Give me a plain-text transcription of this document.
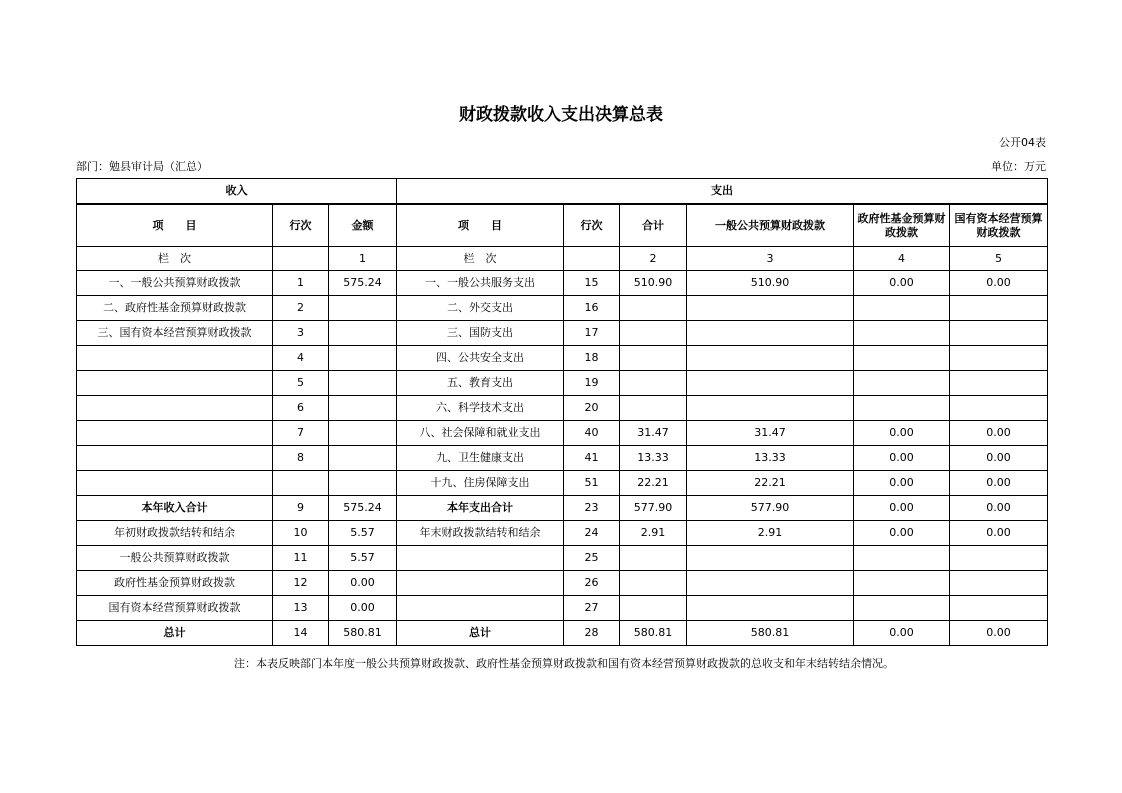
财政拨款收入支出决算总表
公开04表
部门：勉县审计局（汇总）	单位：万元
收入			支出					
项　　目	行次	金额	项　　目	行次	合计	一般公共预算财政拨款	政府性基金预算财政拨款	国有资本经营预算财政拨款
栏　次		1	栏　次		2	3	4	5
一、一般公共预算财政拨款	1	575.24	一、一般公共服务支出	15	510.90	510.90	0.00	0.00
二、政府性基金预算财政拨款	2		二、外交支出	16				
三、国有资本经营预算财政拨款	3		三、国防支出	17				
	4		四、公共安全支出	18				
	5		五、教育支出	19				
	6		六、科学技术支出	20				
	7		八、社会保障和就业支出	40	31.47	31.47	0.00	0.00
	8		九、卫生健康支出	41	13.33	13.33	0.00	0.00
			十九、住房保障支出	51	22.21	22.21	0.00	0.00
本年收入合计	9	575.24	本年支出合计	23	577.90	577.90	0.00	0.00
年初财政拨款结转和结余	10	5.57	年末财政拨款结转和结余	24	2.91	2.91	0.00	0.00
一般公共预算财政拨款	11	5.57		25				
政府性基金预算财政拨款	12	0.00		26				
国有资本经营预算财政拨款	13	0.00		27				
总计	14	580.81	总计	28	580.81	580.81	0.00	0.00
注：本表反映部门本年度一般公共预算财政拨款、政府性基金预算财政拨款和国有资本经营预算财政拨款的总收支和年末结转结余情况。
